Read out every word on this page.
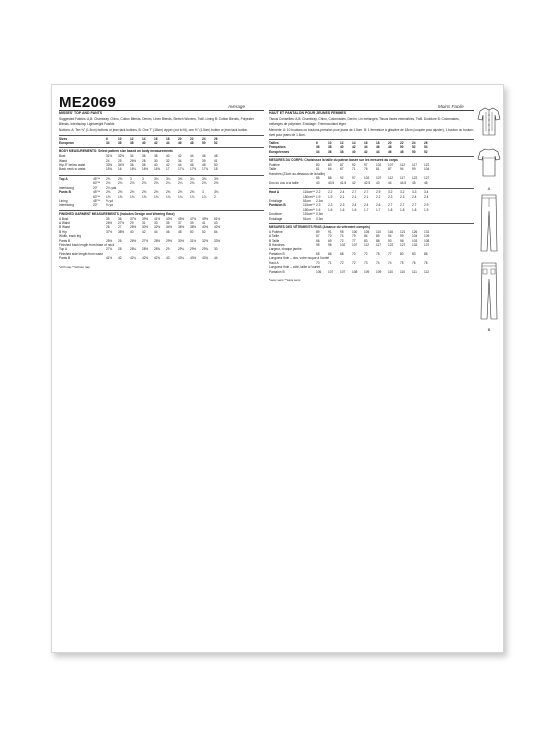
ME2069	Average	Moins Facile
MISSES' TOP AND PANTS
Suggested Fabrics: A,B: Chambray, Chino, Cotton Blends, Denim, Linen Blends, Stretch Wovens, Twill. Lining B: Cotton Blends, Polyester Blends. Interfacing: Lightweight Fusible.
Notions: A: Ten ⅜" (1.5cm) buttons or jean tack buttons. B: One 7" (18cm) zipper (cut to fit), one ⅝" (1.5cm) button or jean tack button.
Sizes	6	10	12	14	16	18	20	22	24	26
European	34	36	38	40	42	44	46	48	50	52
BODY MEASUREMENTS: Select pattern size based on body measurements
Bust	31½	32½	34	36	38	40	42	44	46	48
Waist	24	25	26½	28	30	32	34	37	39	41
Hip-9" below waist	33½	34½	36	38	40	42	44	46	48	50
Back neck to waist	15¾	16	16¼	16½	16¾	17	17¼	17½	17¾	18
Top A	45"**	2⅜	2⅜	3	3	3⅛	3¼	3⅜	3¼	3⅜	3½
60"**	2⅛	2⅛	2⅛	2⅛	2⅛	2¼	2¼	2⅜	2⅜	2½
Interfacing	20"	2¼ yds
Pants B	45"**	2⅜	2⅜	2⅜	2⅜	2⅜	2⅜	2⅜	2⅜	3	3⅛
60"**	1⅝	1⅝	1⅝	1⅝	1⅝	1¾	1¾	1⅞	1⅞	2
Lining	45"**	⅜ yd
Interfacing	20"	⅜ yd
FINISHED GARMENT MEASUREMENTS (Includes Design and Wearing Ease)
A Bust	35	36	37½	39½	41½	43½	45½	47½	49½	51½
A Waist	26½	27½	29	31	33	35	37	39	41	43
B Waist	26	27	28½	30½	32½	34½	36½	38½	40½	42½
B Hip	37½	38½	40	42	44	46	48	50	52	54
Width, each leg
Pants B	25½	26	26½	27½	28½	29½	30½	31½	32½	33½
Finished back length from base of neck
Top A	27¾	28	28¼	28½	28¾	29	29¼	29½	29¾	30
Finished side length from waist
Pants B	41½	42	42¼	42½	42¾	43	43¼	43½	43¾	44
*with nap **without nap
HAUT ET PANTALON POUR JEUNES FEMMES
Tissus Conseillés: A,B: Chambray, Chino, Cotonnades, Denim, Lin mélangés, Tissus tissés extensibles, Twill. Doublure B: Cotonnades, mélanges de polyester. Entoilage: Thermocollant léger.
Mercerie: A: 10 boutons ou boutons-pression pour jeans de 1.5cm. B: 1 fermeture à glissière de 18cm (coupée pour ajuster), 1 bouton ou bouton-rivet pour jeans de 1.5cm.
Tailles	6	10	12	14	16	18	20	22	24	26
Françaises	36	38	40	42	44	46	48	50	52	54
Européennes	34	36	38	40	42	44	46	48	50	52
MESURES DU CORPS: Choisissez la taille du patron basée sur les mesures du corps
Poitrine	80	83	87	92	97	102	107	112	117	122
Taille	61	64	67	71	76	81	87	94	99	104
Hanches (23cm au-dessous de la taille)
85	88	92	97	102	107	112	117	122	127
Dos du cou à la taille	40	40.5	41.5	42	42.5	43	44	44.5	45	46
Haut A	115cm** 2.2	2.2	2.4	2.7	2.7	2.9	3.2	3.2	3.3	3.4
150cm** 1.9	1.9	2.1	2.1	2.1	2.2	2.3	2.3	2.4	2.4
Entoilage	51cm	2.1m
Pantalon B	115cm** 2.3	2.3	2.3	2.4	2.4	2.6	2.7	2.7	2.7	2.9
150cm** 1.6	1.6	1.6	1.6	1.7	1.7	1.8	1.8	1.8	1.9
Doublure	115cm** 0.3m
Entoilage	51cm	0.3m
MESURES DES VÊTEMENTS FINIS (Aisance du vêtement compris)
A Poitrine	89	91	95	100	105	110	116	121	126	131
A Taille	67	70	74	79	84	89	94	99	104	109
B Taille	66	69	72	77	83	88	93	98	103	108
B Hanches	95	98	102	107	112	117	122	127	132	137
Largeur, chaque jambe
Pantalon B	65	66	68	70	72	75	77	80	83	85
Longueur finie – dos, votre nuque à l'ourlet
Haut A	70	71	72	72	73	74	74	75	76	76
Longueur finie – côté, taille à l'ourlet
Pantalon B	106	107	107	108	109	109	110	110	111	112
*avec sens **sans sens

A

B
